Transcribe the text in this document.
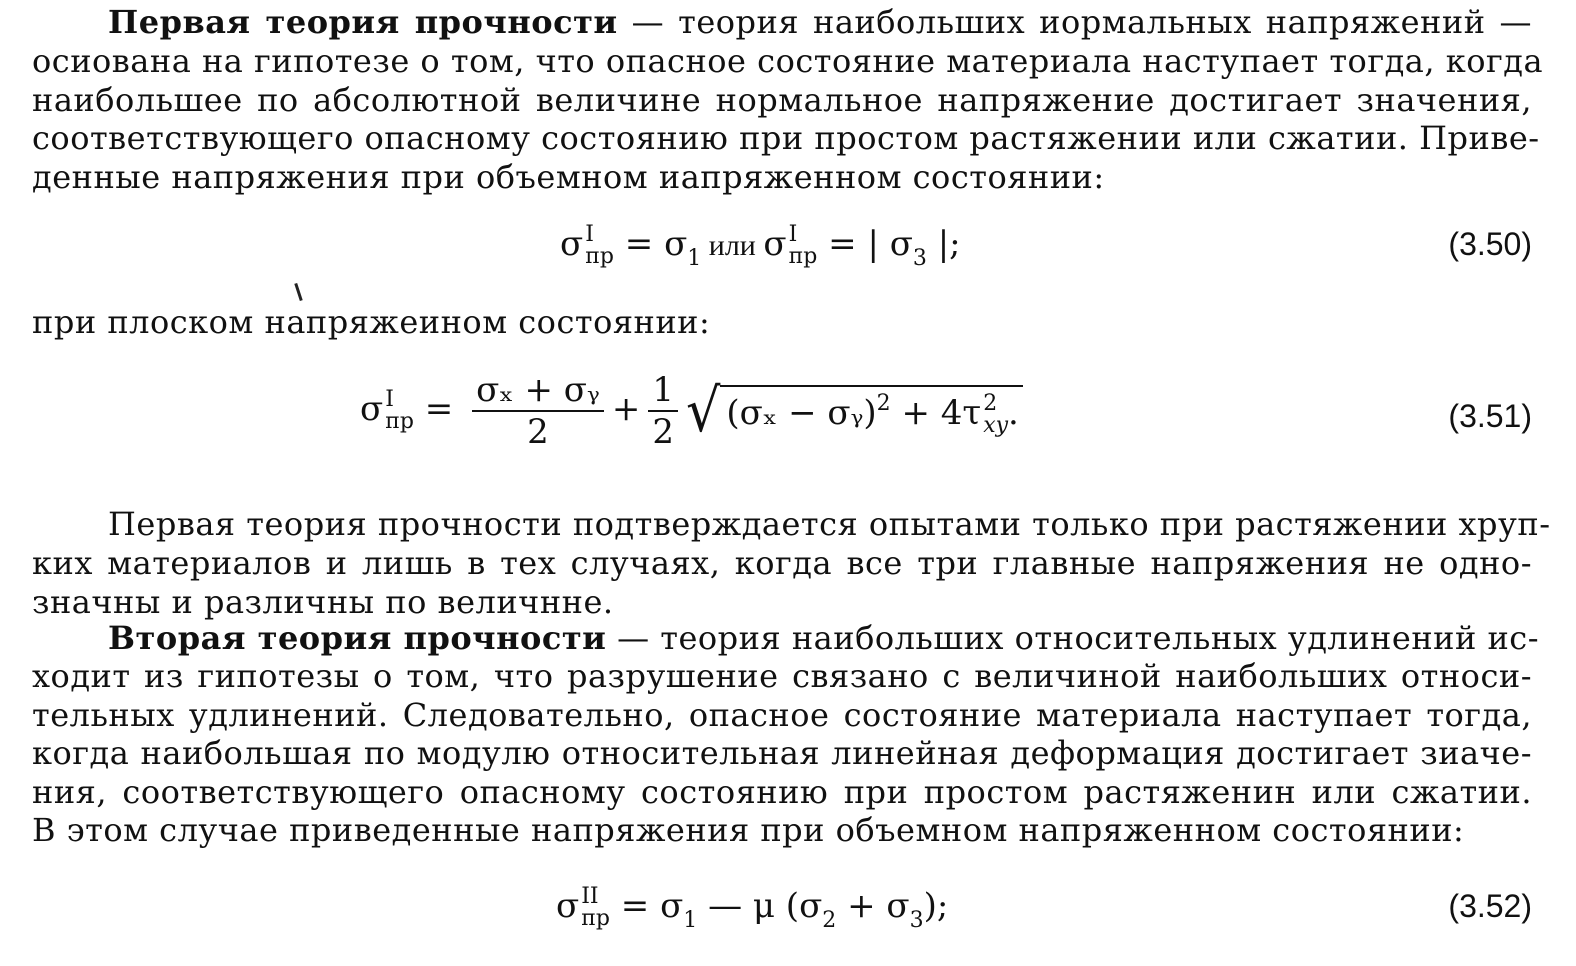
Первая теория прочности — теория наибольших иормальных напряжений —
осиована на гипотезе о том, что опасное состояние материала наступает тогда, когда
наибольшее по абсолютной величине нормальное напряжение достигает значения,
соответствующего опасному состоянию при простом растяжении или сжатии. Приве-
денные напряжения при объемном иапряженном состоянии:
σ I
пр = $\sigma_1$ или σ I
пр = | $\sigma_3$ |;	(3.50)
при плоском напряжеином состоянии:
σ I
пр = $\frac{\text{σₓ + σᵧ}}{2} + \frac{1}{2}$ √ (σₓ − σᵧ)$^2$ + 4τ 2
xy .	(3.51)
Первая теория прочности подтверждается опытами только при растяжении хруп-
ких материалов и лишь в тех случаях, когда все три главные напряжения не одно-
значны и различны по величнне.
Вторая теория прочности — теория наибольших относительных удлинений ис-
ходит из гипотезы о том, что разрушение связано с величиной наибольших относи-
тельных удлинений. Следовательно, опасное состояние материала наступает тогда,
когда наибольшая по модулю относительная линейная деформация достигает зиаче-
ния, соответствующего опасному состоянию при простом растяженин или сжатии.
В этом случае приведенные напряжения при объемном напряженном состоянии:
σ II
пр = $\sigma_1$ — μ $(\sigma_2 + \sigma_3)$;	(3.52)
